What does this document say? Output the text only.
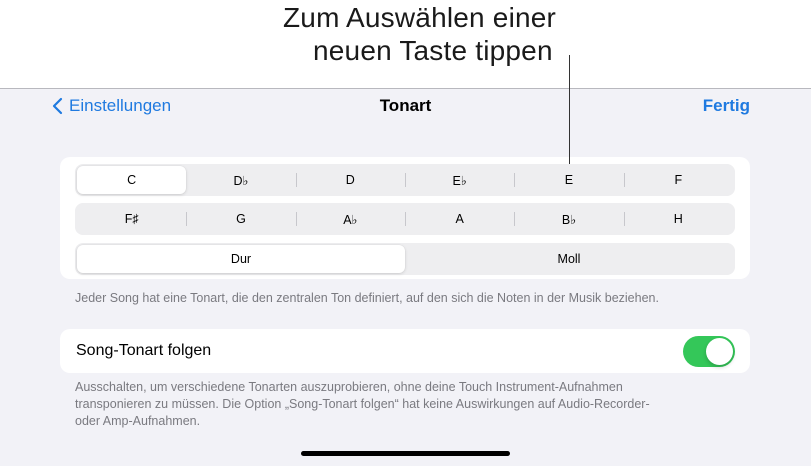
Zum Auswählen einer
neuen Taste tippen
Einstellungen	Tonart	Fertig
C	D♭	D	E♭	E	F
F♯	G	A♭	A	B♭	H
Dur	Moll
Jeder Song hat eine Tonart, die den zentralen Ton definiert, auf den sich die Noten in der Musik beziehen.
Song-Tonart folgen
Ausschalten, um verschiedene Tonarten auszuprobieren, ohne deine Touch Instrument-Aufnahmen
transponieren zu müssen. Die Option „Song-Tonart folgen“ hat keine Auswirkungen auf Audio-Recorder-
oder Amp-Aufnahmen.
